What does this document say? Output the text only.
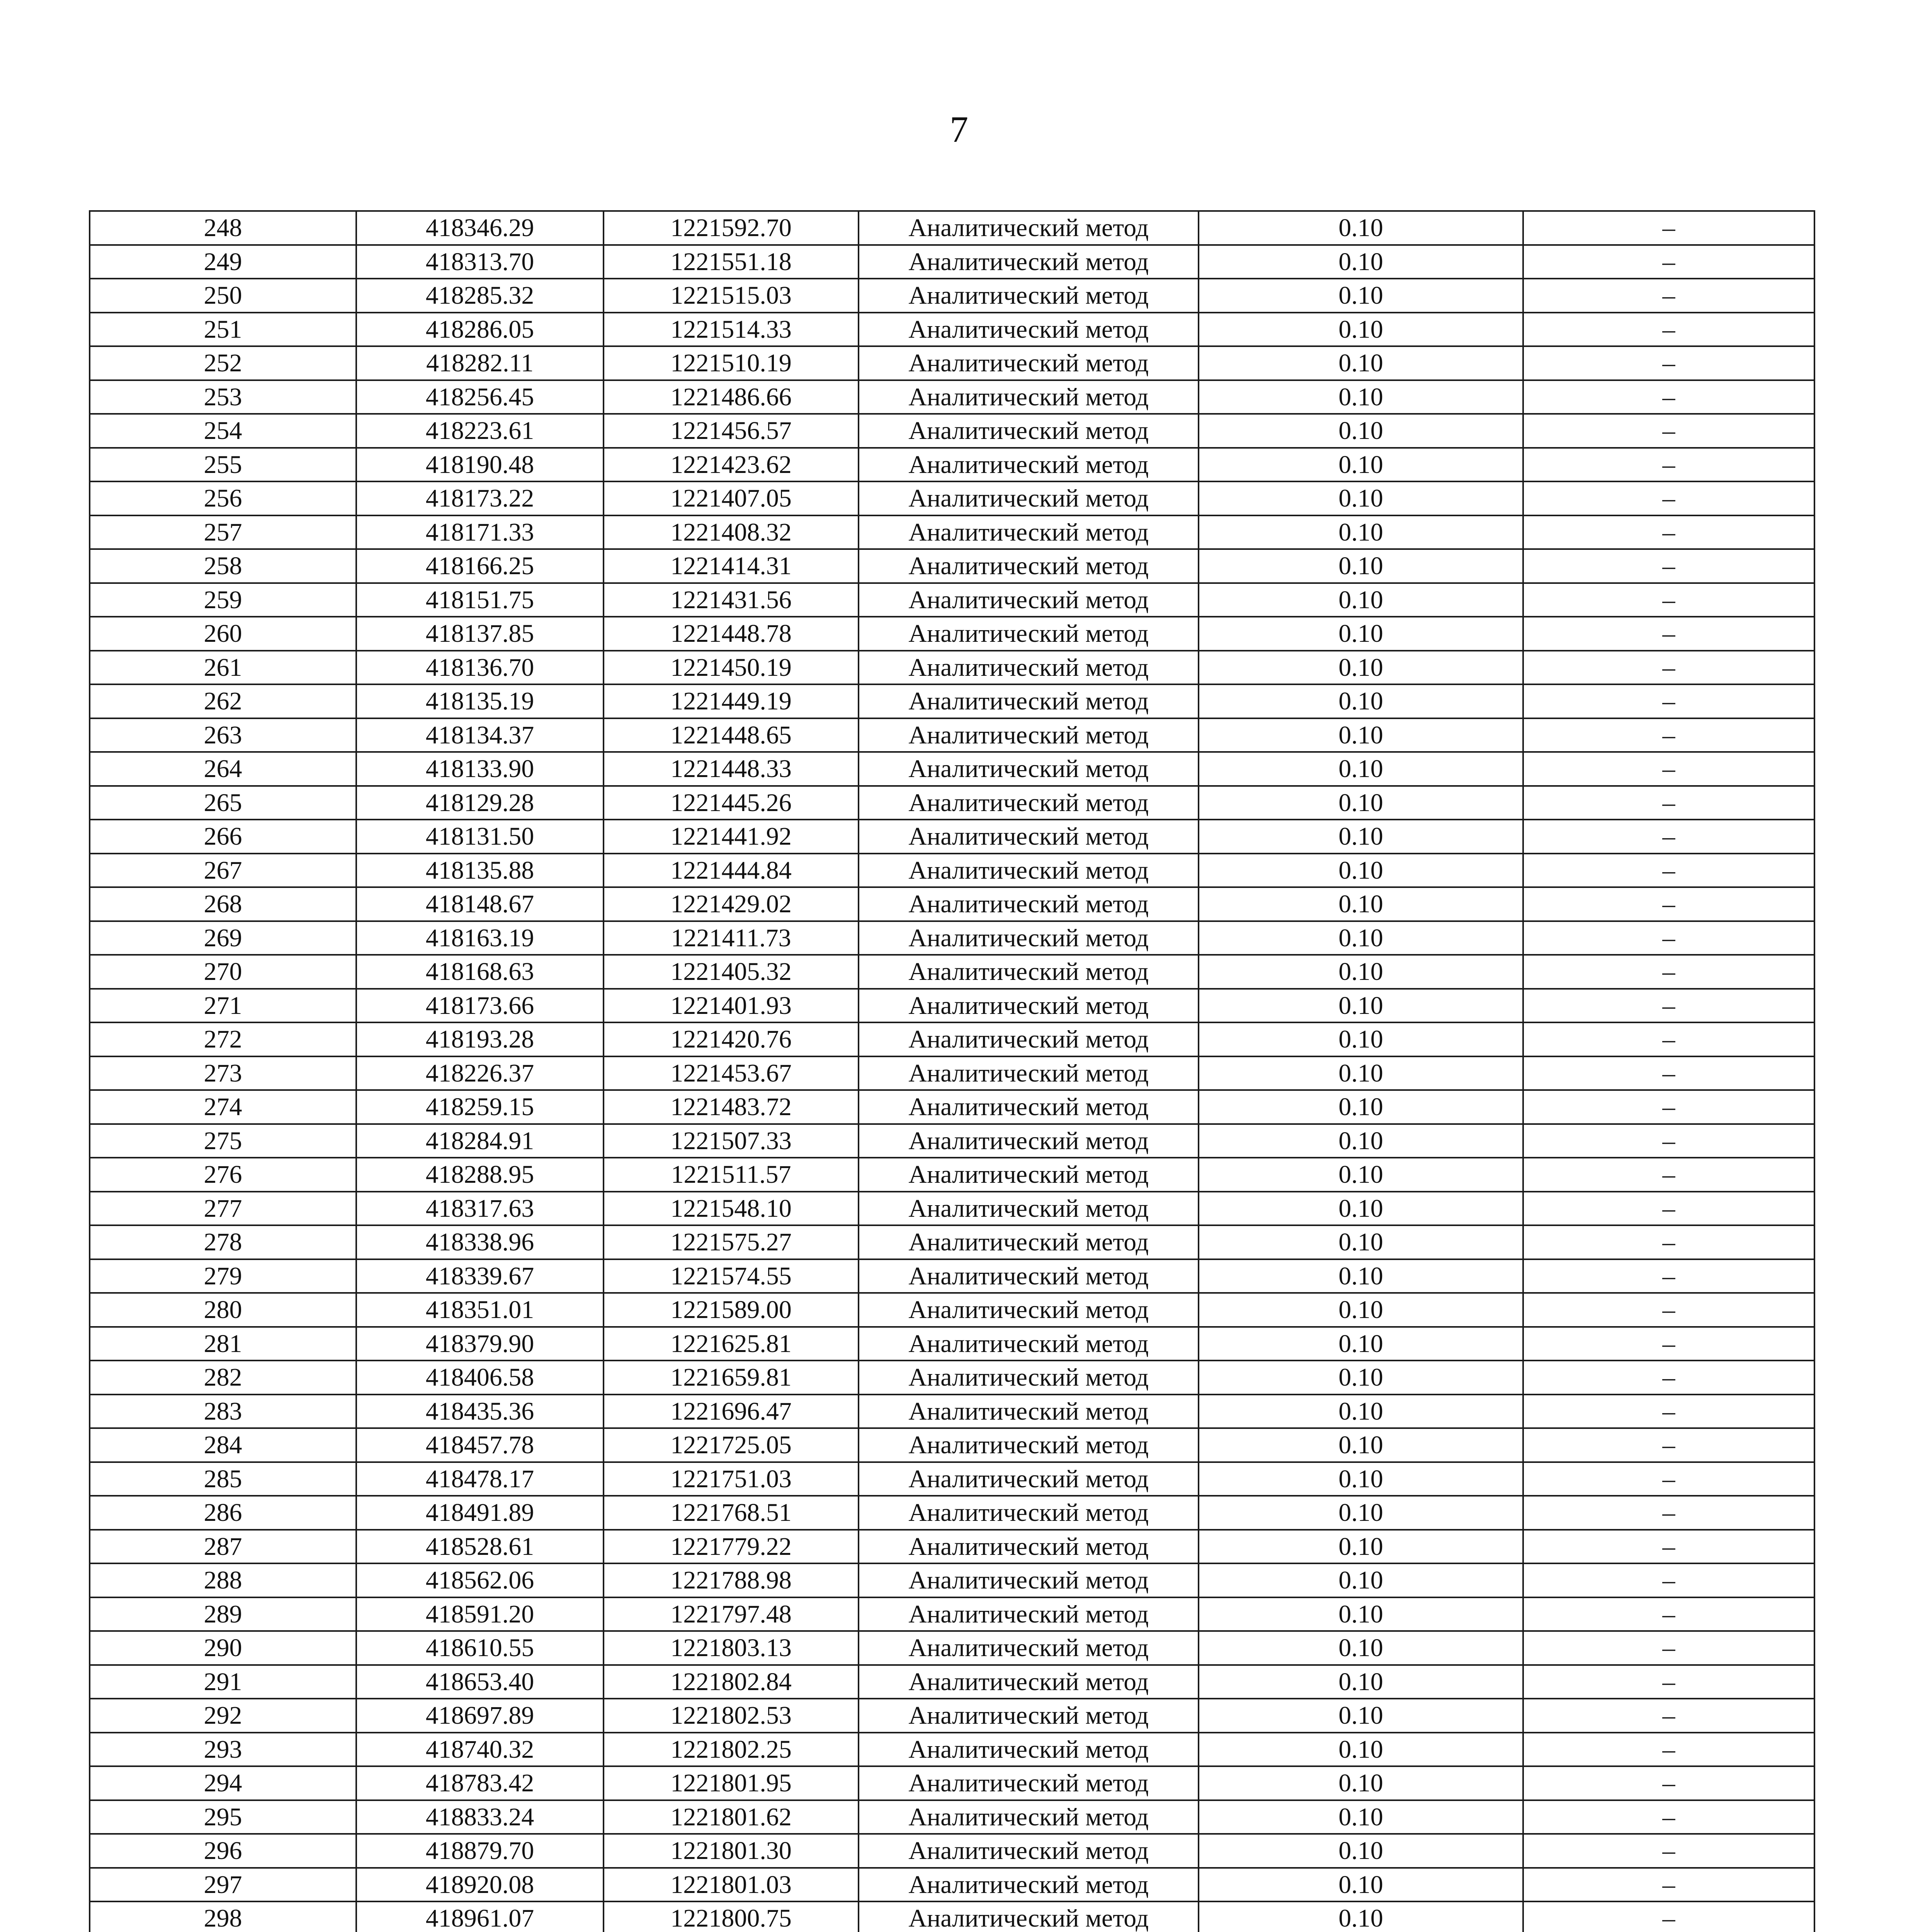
7
248	418346.29	1221592.70	Аналитический метод	0.10	–
249	418313.70	1221551.18	Аналитический метод	0.10	–
250	418285.32	1221515.03	Аналитический метод	0.10	–
251	418286.05	1221514.33	Аналитический метод	0.10	–
252	418282.11	1221510.19	Аналитический метод	0.10	–
253	418256.45	1221486.66	Аналитический метод	0.10	–
254	418223.61	1221456.57	Аналитический метод	0.10	–
255	418190.48	1221423.62	Аналитический метод	0.10	–
256	418173.22	1221407.05	Аналитический метод	0.10	–
257	418171.33	1221408.32	Аналитический метод	0.10	–
258	418166.25	1221414.31	Аналитический метод	0.10	–
259	418151.75	1221431.56	Аналитический метод	0.10	–
260	418137.85	1221448.78	Аналитический метод	0.10	–
261	418136.70	1221450.19	Аналитический метод	0.10	–
262	418135.19	1221449.19	Аналитический метод	0.10	–
263	418134.37	1221448.65	Аналитический метод	0.10	–
264	418133.90	1221448.33	Аналитический метод	0.10	–
265	418129.28	1221445.26	Аналитический метод	0.10	–
266	418131.50	1221441.92	Аналитический метод	0.10	–
267	418135.88	1221444.84	Аналитический метод	0.10	–
268	418148.67	1221429.02	Аналитический метод	0.10	–
269	418163.19	1221411.73	Аналитический метод	0.10	–
270	418168.63	1221405.32	Аналитический метод	0.10	–
271	418173.66	1221401.93	Аналитический метод	0.10	–
272	418193.28	1221420.76	Аналитический метод	0.10	–
273	418226.37	1221453.67	Аналитический метод	0.10	–
274	418259.15	1221483.72	Аналитический метод	0.10	–
275	418284.91	1221507.33	Аналитический метод	0.10	–
276	418288.95	1221511.57	Аналитический метод	0.10	–
277	418317.63	1221548.10	Аналитический метод	0.10	–
278	418338.96	1221575.27	Аналитический метод	0.10	–
279	418339.67	1221574.55	Аналитический метод	0.10	–
280	418351.01	1221589.00	Аналитический метод	0.10	–
281	418379.90	1221625.81	Аналитический метод	0.10	–
282	418406.58	1221659.81	Аналитический метод	0.10	–
283	418435.36	1221696.47	Аналитический метод	0.10	–
284	418457.78	1221725.05	Аналитический метод	0.10	–
285	418478.17	1221751.03	Аналитический метод	0.10	–
286	418491.89	1221768.51	Аналитический метод	0.10	–
287	418528.61	1221779.22	Аналитический метод	0.10	–
288	418562.06	1221788.98	Аналитический метод	0.10	–
289	418591.20	1221797.48	Аналитический метод	0.10	–
290	418610.55	1221803.13	Аналитический метод	0.10	–
291	418653.40	1221802.84	Аналитический метод	0.10	–
292	418697.89	1221802.53	Аналитический метод	0.10	–
293	418740.32	1221802.25	Аналитический метод	0.10	–
294	418783.42	1221801.95	Аналитический метод	0.10	–
295	418833.24	1221801.62	Аналитический метод	0.10	–
296	418879.70	1221801.30	Аналитический метод	0.10	–
297	418920.08	1221801.03	Аналитический метод	0.10	–
298	418961.07	1221800.75	Аналитический метод	0.10	–
